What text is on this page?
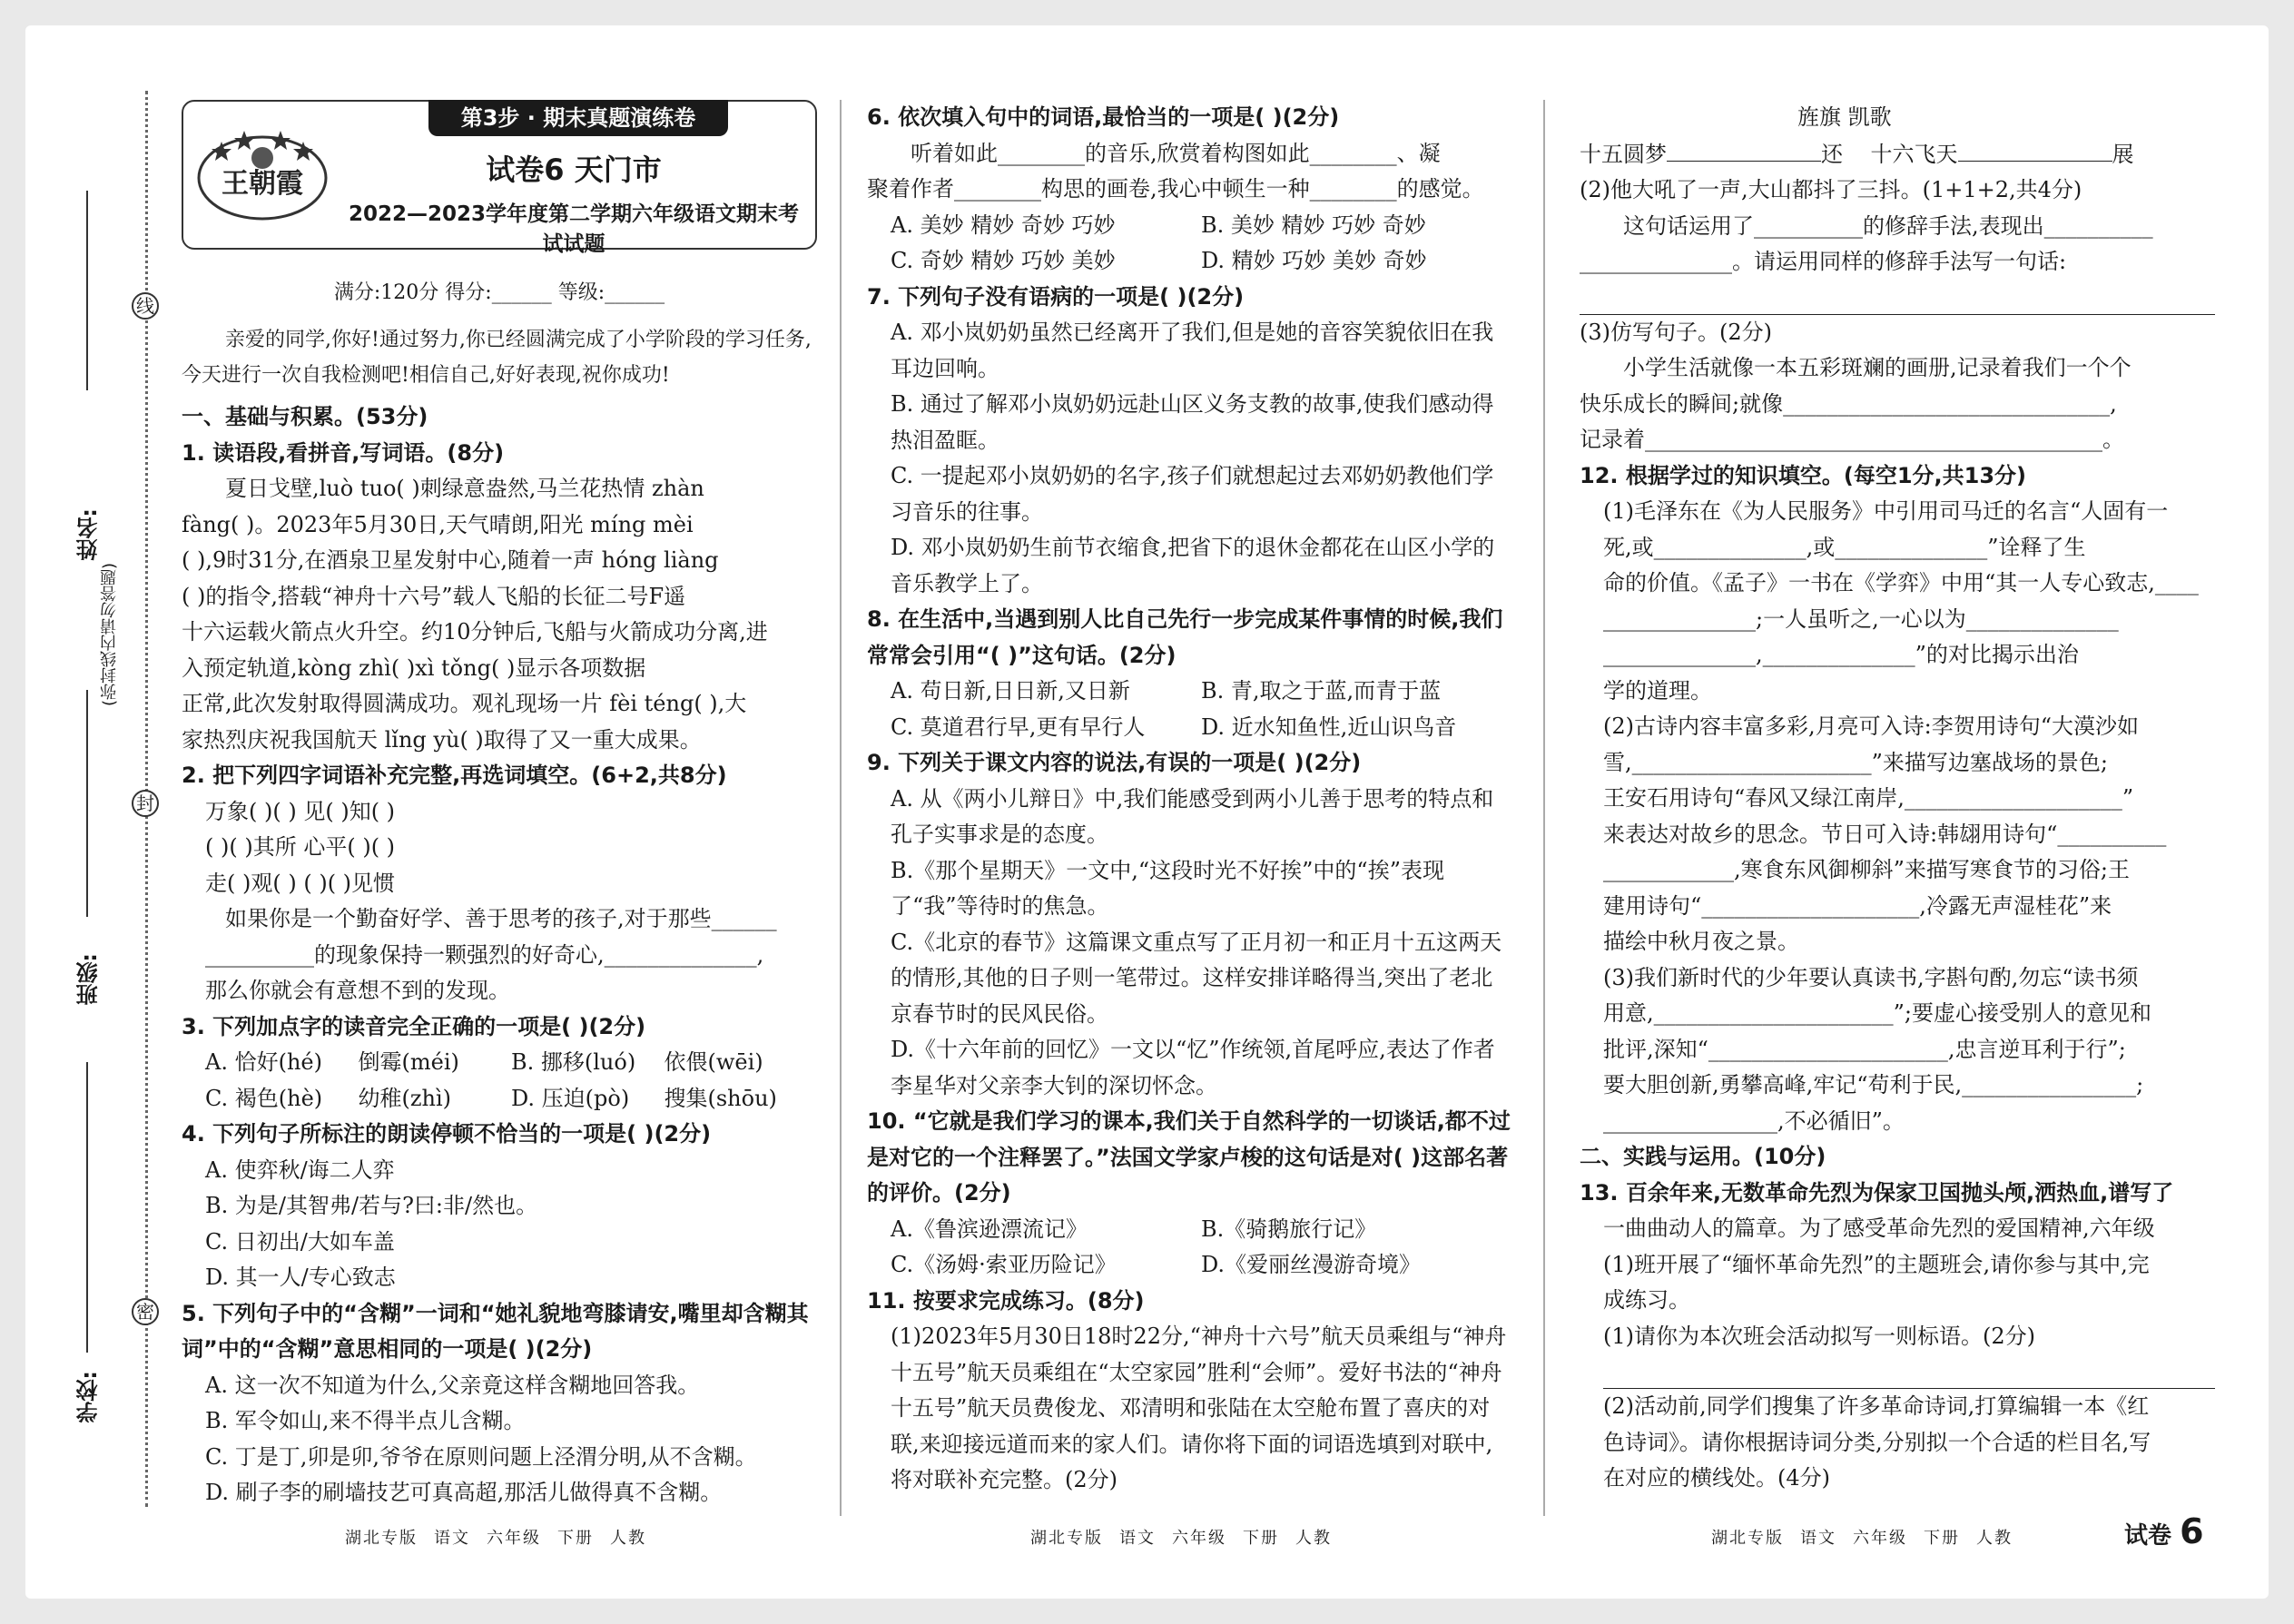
线
封
密
姓名:
班级:
学校:
(弥封线内请勿答题)
第3步 · 期末真题演练卷
王朝霞	试卷6 天门市
2022—2023学年度第二学期六年级语文期末考试试题
满分:120分 得分:______ 等级:______
亲爱的同学,你好!通过努力,你已经圆满完成了小学阶段的学习任务,今天进行一次自我检测吧!相信自己,好好表现,祝你成功!

一、基础与积累。(53分)

1. 读语段,看拼音,写词语。(8分)

夏日戈壁,luò tuo( )刺绿意盎然,马兰花热情 zhàn

fàng( )。2023年5月30日,天气晴朗,阳光 míng mèi

( ),9时31分,在酒泉卫星发射中心,随着一声 hóng liàng

( )的指令,搭载“神舟十六号”载人飞船的长征二号F遥

十六运载火箭点火升空。约10分钟后,飞船与火箭成功分离,进

入预定轨道,kòng zhì( )xì tǒng( )显示各项数据

正常,此次发射取得圆满成功。观礼现场一片 fèi téng( ),大

家热烈庆祝我国航天 lǐng yù( )取得了又一重大成果。

2. 把下列四字词语补充完整,再选词填空。(6+2,共8分)

万象( )( ) 见( )知( )

( )( )其所 心平( )( )

走( )观( ) ( )( )见惯

如果你是一个勤奋好学、善于思考的孩子,对于那些______

__________的现象保持一颗强烈的好奇心,______________,

那么你就会有意想不到的发现。

3. 下列加点字的读音完全正确的一项是( )(2分)

A. 恰好(hé)	倒霉(méi)	B. 挪移(luó)	依偎(wēi)
C. 褐色(hè)	幼稚(zhì)	D. 压迫(pò)	搜集(shōu)

4. 下列句子所标注的朗读停顿不恰当的一项是( )(2分)

A. 使弈秋/诲二人弈

B. 为是/其智弗/若与?曰:非/然也。

C. 日初出/大如车盖

D. 其一人/专心致志

5. 下列句子中的“含糊”一词和“她礼貌地弯膝请安,嘴里却含糊其词”中的“含糊”意思相同的一项是( )(2分)

A. 这一次不知道为什么,父亲竟这样含糊地回答我。

B. 军令如山,来不得半点儿含糊。

C. 丁是丁,卯是卯,爷爷在原则问题上泾渭分明,从不含糊。

D. 刷子李的刷墙技艺可真高超,那活儿做得真不含糊。

6. 依次填入句中的词语,最恰当的一项是( )(2分)

听着如此________的音乐,欣赏着构图如此________、凝

聚着作者________构思的画卷,我心中顿生一种________的感觉。

A. 美妙 精妙 奇妙 巧妙	B. 美妙 精妙 巧妙 奇妙
C. 奇妙 精妙 巧妙 美妙	D. 精妙 巧妙 美妙 奇妙

7. 下列句子没有语病的一项是( )(2分)

A. 邓小岚奶奶虽然已经离开了我们,但是她的音容笑貌依旧在我耳边回响。

B. 通过了解邓小岚奶奶远赴山区义务支教的故事,使我们感动得热泪盈眶。

C. 一提起邓小岚奶奶的名字,孩子们就想起过去邓奶奶教他们学习音乐的往事。

D. 邓小岚奶奶生前节衣缩食,把省下的退休金都花在山区小学的音乐教学上了。

8. 在生活中,当遇到别人比自己先行一步完成某件事情的时候,我们常常会引用“( )”这句话。(2分)

A. 苟日新,日日新,又日新	B. 青,取之于蓝,而青于蓝
C. 莫道君行早,更有早行人	D. 近水知鱼性,近山识鸟音

9. 下列关于课文内容的说法,有误的一项是( )(2分)

A. 从《两小儿辩日》中,我们能感受到两小儿善于思考的特点和孔子实事求是的态度。

B.《那个星期天》一文中,“这段时光不好挨”中的“挨”表现了“我”等待时的焦急。

C.《北京的春节》这篇课文重点写了正月初一和正月十五这两天的情形,其他的日子则一笔带过。这样安排详略得当,突出了老北京春节时的民风民俗。

D.《十六年前的回忆》一文以“忆”作统领,首尾呼应,表达了作者李星华对父亲李大钊的深切怀念。

10. “它就是我们学习的课本,我们关于自然科学的一切谈话,都不过是对它的一个注释罢了。”法国文学家卢梭的这句话是对( )这部名著的评价。(2分)

A.《鲁滨逊漂流记》	B.《骑鹅旅行记》
C.《汤姆·索亚历险记》	D.《爱丽丝漫游奇境》

11. 按要求完成练习。(8分)

(1)2023年5月30日18时22分,“神舟十六号”航天员乘组与“神舟十五号”航天员乘组在“太空家园”胜利“会师”。爱好书法的“神舟十五号”航天员费俊龙、邓清明和张陆在太空舱布置了喜庆的对联,来迎接远道而来的家人们。请你将下面的词语选填到对联中,将对联补充完整。(2分)

旌旗 凯歌

十五圆梦	还 十六飞天	展

(2)他大吼了一声,大山都抖了三抖。(1+1+2,共4分)

这句话运用了__________的修辞手法,表现出__________

______________。请运用同样的修辞手法写一句话:

(3)仿写句子。(2分)

小学生活就像一本五彩斑斓的画册,记录着我们一个个

快乐成长的瞬间;就像______________________________,

记录着__________________________________________。

12. 根据学过的知识填空。(每空1分,共13分)

(1)毛泽东在《为人民服务》中引用司马迁的名言“人固有一

死,或______________,或______________”诠释了生

命的价值。《孟子》一书在《学弈》中用“其一人专心致志,____

______________;一人虽听之,一心以为______________

______________,______________”的对比揭示出治

学的道理。

(2)古诗内容丰富多彩,月亮可入诗:李贺用诗句“大漠沙如

雪,______________________”来描写边塞战场的景色;

王安石用诗句“春风又绿江南岸,____________________”

来表达对故乡的思念。节日可入诗:韩翃用诗句“__________

____________,寒食东风御柳斜”来描写寒食节的习俗;王

建用诗句“____________________,冷露无声湿桂花”来

描绘中秋月夜之景。

(3)我们新时代的少年要认真读书,字斟句酌,勿忘“读书须

用意,______________________”;要虚心接受别人的意见和

批评,深知“______________________,忠言逆耳利于行”;

要大胆创新,勇攀高峰,牢记“苟利于民,________________;

________________,不必循旧”。

二、实践与运用。(10分)

13. 百余年来,无数革命先烈为保家卫国抛头颅,洒热血,谱写了

一曲曲动人的篇章。为了感受革命先烈的爱国精神,六年级

(1)班开展了“缅怀革命先烈”的主题班会,请你参与其中,完

成练习。

(1)请你为本次班会活动拟写一则标语。(2分)

(2)活动前,同学们搜集了许多革命诗词,打算编辑一本《红

色诗词》。请你根据诗词分类,分别拟一个合适的栏目名,写

在对应的横线处。(4分)

湖北专版 语文 六年级 下册 人教	湖北专版 语文 六年级 下册 人教	湖北专版 语文 六年级 下册 人教	试卷 6
